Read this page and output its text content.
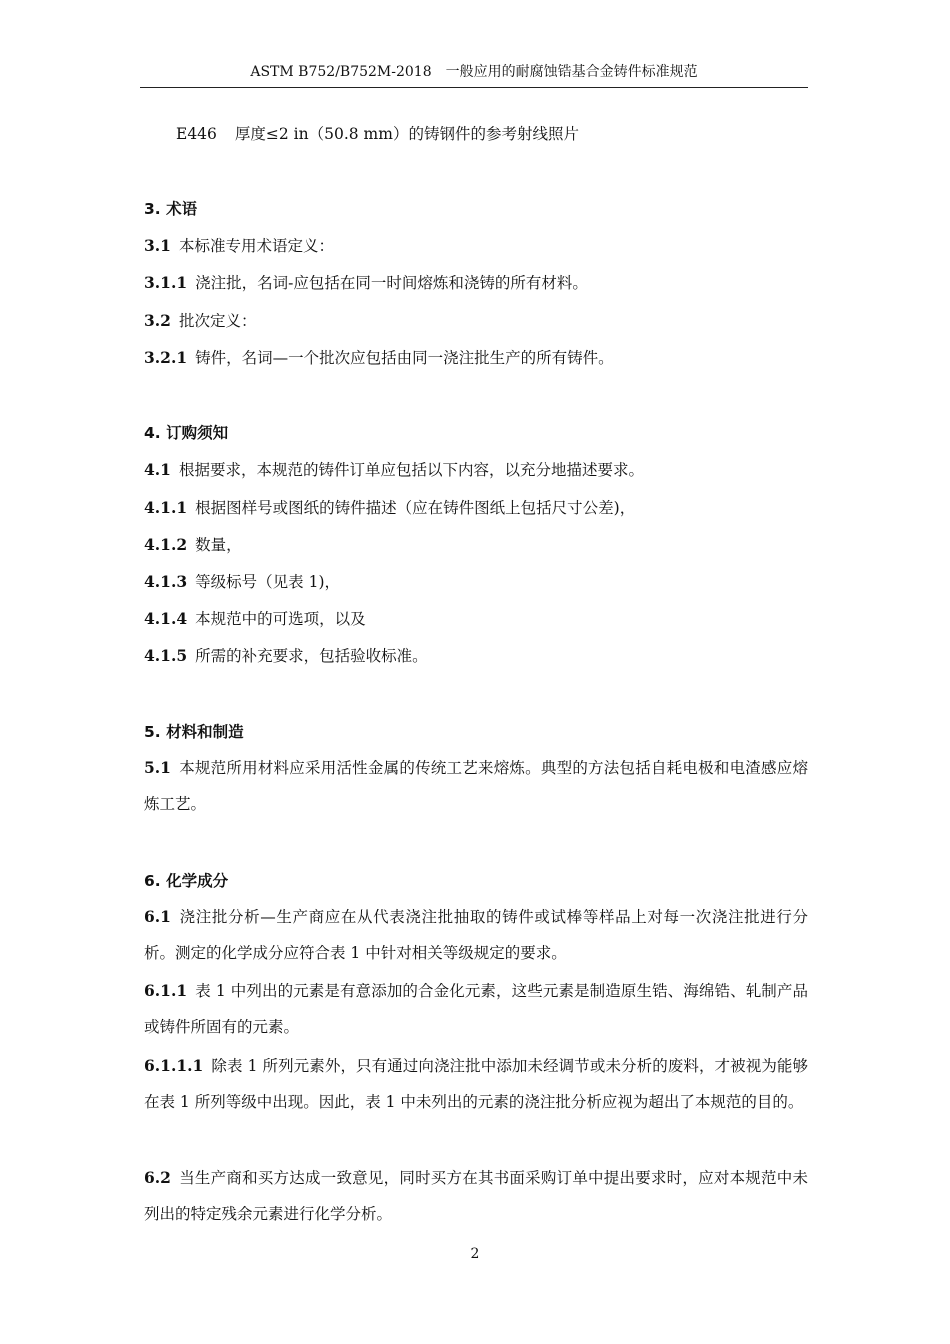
ASTM B752/B752M-2018　一般应用的耐腐蚀锆基合金铸件标准规范
E446 厚度≤2 in（50.8 mm）的铸钢件的参考射线照片
3. 术语
3.1 本标准专用术语定义：
3.1.1 浇注批，名词-应包括在同一时间熔炼和浇铸的所有材料。
3.2 批次定义：
3.2.1 铸件，名词—一个批次应包括由同一浇注批生产的所有铸件。
4. 订购须知
4.1 根据要求，本规范的铸件订单应包括以下内容，以充分地描述要求。
4.1.1 根据图样号或图纸的铸件描述（应在铸件图纸上包括尺寸公差)，
4.1.2 数量，
4.1.3 等级标号（见表 1)，
4.1.4 本规范中的可选项，以及
4.1.5 所需的补充要求，包括验收标准。
5. 材料和制造
5.1 本规范所用材料应采用活性金属的传统工艺来熔炼。典型的方法包括自耗电极和电渣感应熔炼工艺。
6. 化学成分
6.1 浇注批分析—生产商应在从代表浇注批抽取的铸件或试棒等样品上对每一次浇注批进行分析。测定的化学成分应符合表 1 中针对相关等级规定的要求。
6.1.1 表 1 中列出的元素是有意添加的合金化元素，这些元素是制造原生锆、海绵锆、轧制产品或铸件所固有的元素。
6.1.1.1 除表 1 所列元素外，只有通过向浇注批中添加未经调节或未分析的废料，才被视为能够在表 1 所列等级中出现。因此，表 1 中未列出的元素的浇注批分析应视为超出了本规范的目的。
6.2 当生产商和买方达成一致意见，同时买方在其书面采购订单中提出要求时，应对本规范中未列出的特定残余元素进行化学分析。
2
